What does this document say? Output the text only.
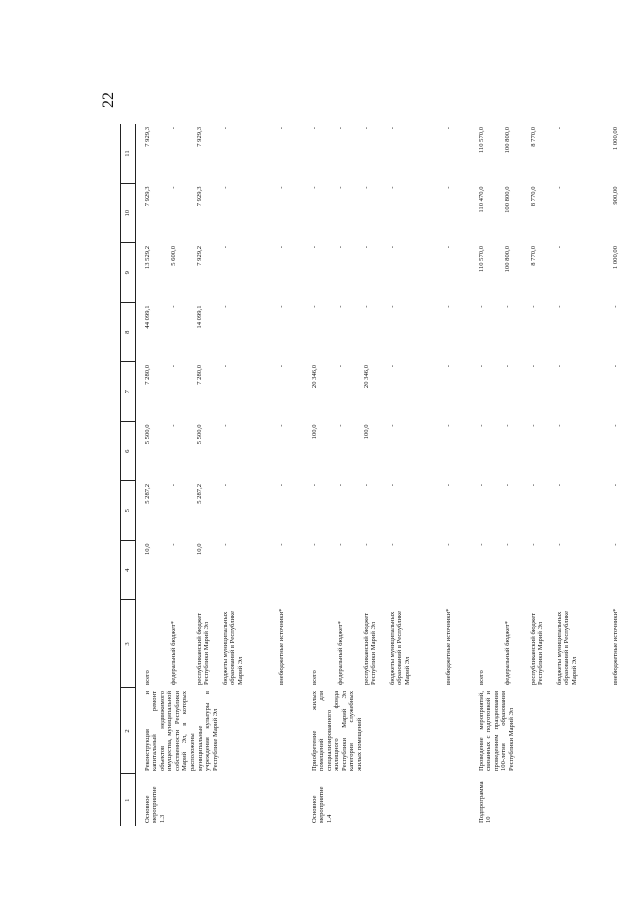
22
1	2	3	4	5	6	7	8	9	10	11
Основное мероприятие 1.3	Реконструкция и капитальный ремонт объектов недвижимого имущества, муниципальной собственности Республики Марий Эл, в которых расположены муниципальные учреждения культуры в Республике Марий Эл	всего	10,0	5 287,2	5 500,0	7 280,0	44 099,1	13 529,2	7 929,3	7 929,3
		федеральный бюджет*	-	-	-	-	-	5 600,0	-	-
		республиканский бюджет Республики Марий Эл	10,0	5 287,2	5 500,0	7 280,0	14 099,1	7 929,2	7 929,3	7 929,3
		бюджеты муниципальных образований в Республике Марий Эл	-	-	-	-	-	-	-	-
		внебюджетные источники*	-	-	-	-	-	-	-	-
Основное мероприятие 1.4	Приобретение жилых помещений для специализированного жилищного фонда Республики Марий Эл категории служебных жилых помещений	всего	-	-	100,0	20 346,0	-	-	-	-
		федеральный бюджет*	-	-	-	-	-	-	-	-
		республиканский бюджет Республики Марий Эл	-	-	100,0	20 346,0	-	-	-	-
		бюджеты муниципальных образований в Республике Марий Эл	-	-	-	-	-	-	-	-
		внебюджетные источники*	-	-	-	-	-	-	-	-
Подпрограмма 10	Проведение мероприятий, связанных с подготовкой и проведением празднования 100-летия образования Республики Марий Эл	всего	-	-	-	-	-	110 570,0	110 470,0	110 570,0
		федеральный бюджет*	-	-	-	-	-	100 800,0	100 800,0	100 800,0
		республиканский бюджет Республики Марий Эл	-	-	-	-	-	8 770,0	8 770,0	8 770,0
		бюджеты муниципальных образований в Республике Марий Эл	-	-	-	-	-	-	-	-
		внебюджетные источники*	-	-	-	-	-	1 000,00	900,00	1 000,00
